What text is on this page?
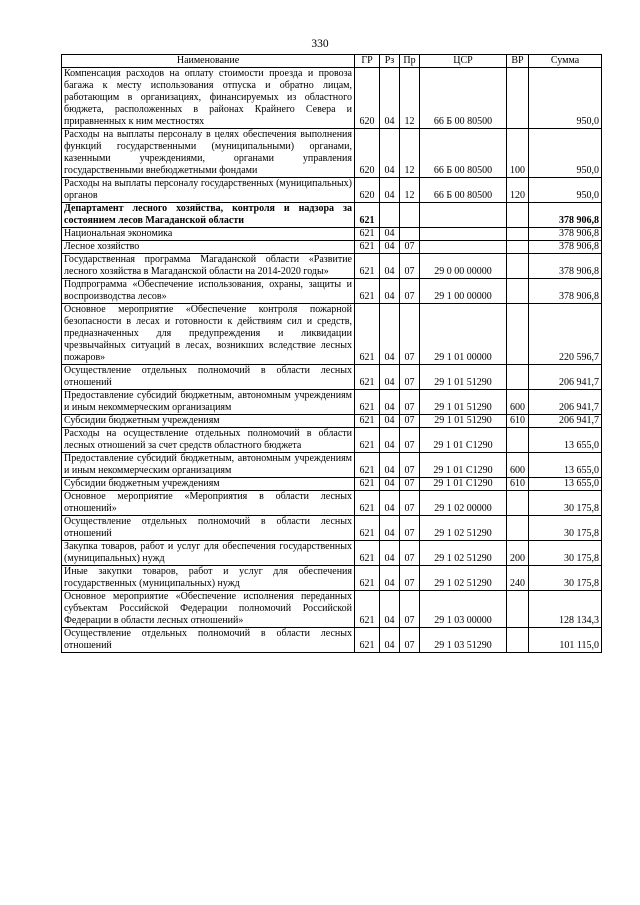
330
Наименование	ГР	Рз	Пр	ЦСР	ВР	Сумма
Компенсация расходов на оплату стоимости проезда и провоза багажа к месту использования отпуска и обратно лицам, работающим в организациях, финансируемых из областного бюджета, расположенных в районах Крайнего Севера и приравненных к ним местностях	620	04	12	66 Б 00 80500		950,0
Расходы на выплаты персоналу в целях обеспечения выполнения функций государственными (муниципальными) органами, казенными учреждениями, органами управления государственными внебюджетными фондами	620	04	12	66 Б 00 80500	100	950,0
Расходы на выплаты персоналу государственных (муниципальных) органов	620	04	12	66 Б 00 80500	120	950,0
Департамент лесного хозяйства, контроля и надзора за состоянием лесов Магаданской области	621					378 906,8
Национальная экономика	621	04				378 906,8
Лесное хозяйство	621	04	07			378 906,8
Государственная программа Магаданской области «Развитие лесного хозяйства в Магаданской области на 2014-2020 годы»	621	04	07	29 0 00 00000		378 906,8
Подпрограмма «Обеспечение использования, охраны, защиты и воспроизводства лесов»	621	04	07	29 1 00 00000		378 906,8
Основное мероприятие «Обеспечение контроля пожарной безопасности в лесах и готовности к действиям сил и средств, предназначенных для предупреждения и ликвидации чрезвычайных ситуаций в лесах, возникших вследствие лесных пожаров»	621	04	07	29 1 01 00000		220 596,7
Осуществление отдельных полномочий в области лесных отношений	621	04	07	29 1 01 51290		206 941,7
Предоставление субсидий бюджетным, автономным учреждениям и иным некоммерческим организациям	621	04	07	29 1 01 51290	600	206 941,7
Субсидии бюджетным учреждениям	621	04	07	29 1 01 51290	610	206 941,7
Расходы на осуществление отдельных полномочий в области лесных отношений за счет средств областного бюджета	621	04	07	29 1 01 С1290		13 655,0
Предоставление субсидий бюджетным, автономным учреждениям и иным некоммерческим организациям	621	04	07	29 1 01 С1290	600	13 655,0
Субсидии бюджетным учреждениям	621	04	07	29 1 01 С1290	610	13 655,0
Основное мероприятие «Мероприятия в области лесных отношений»	621	04	07	29 1 02 00000		30 175,8
Осуществление отдельных полномочий в области лесных отношений	621	04	07	29 1 02 51290		30 175,8
Закупка товаров, работ и услуг для обеспечения государственных (муниципальных) нужд	621	04	07	29 1 02 51290	200	30 175,8
Иные закупки товаров, работ и услуг для обеспечения государственных (муниципальных) нужд	621	04	07	29 1 02 51290	240	30 175,8
Основное мероприятие «Обеспечение исполнения переданных субъектам Российской Федерации полномочий Российской Федерации в области лесных отношений»	621	04	07	29 1 03 00000		128 134,3
Осуществление отдельных полномочий в области лесных отношений	621	04	07	29 1 03 51290		101 115,0
